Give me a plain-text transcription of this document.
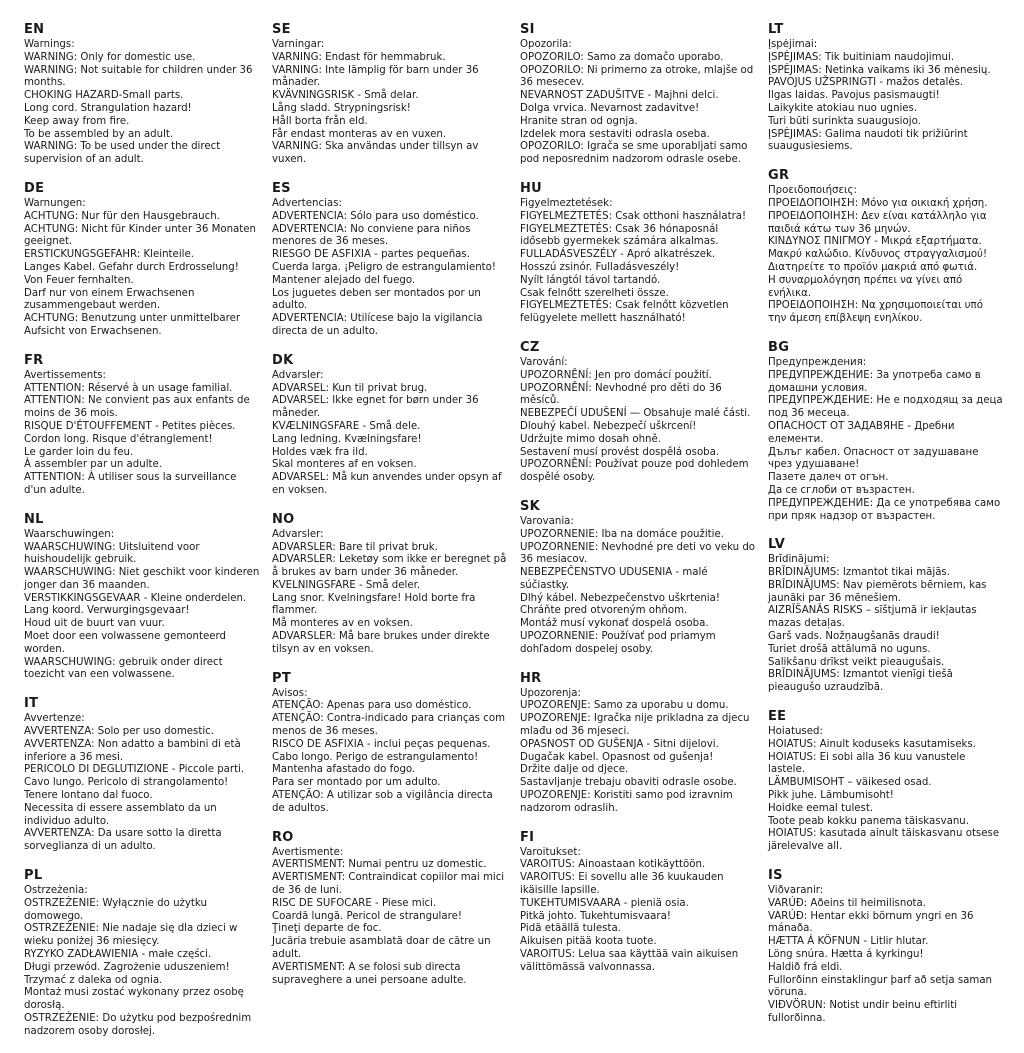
EN

Warnings:

WARNING: Only for domestic use.

WARNING: Not suitable for children under 36 months.

CHOKING HAZARD-Small parts.

Long cord. Strangulation hazard!

Keep away from fire.

To be assembled by an adult.

WARNING: To be used under the direct supervision of an adult.

DE

Warnungen:

ACHTUNG: Nur für den Hausgebrauch.

ACHTUNG: Nicht für Kinder unter 36 Monaten geeignet.

ERSTICKUNGSGEFAHR: Kleinteile.

Langes Kabel. Gefahr durch Erdrosselung! Von Feuer fernhalten.

Darf nur von einem Erwachsenen zusammengebaut werden.

ACHTUNG: Benutzung unter unmittelbarer Aufsicht von Erwachsenen.

FR

Avertissements:

ATTENTION: Réservé à un usage familial.

ATTENTION: Ne convient pas aux enfants de moins de 36 mois.

RISQUE D'ÉTOUFFEMENT - Petites pièces.

Cordon long. Risque d'étranglement!

Le garder loin du feu.

À assembler par un adulte.

ATTENTION: À utiliser sous la surveillance d'un adulte.

NL

Waarschuwingen:

WAARSCHUWING: Uitsluitend voor huishoudelijk gebruik.

WAARSCHUWING: Niet geschikt voor kinderen jonger dan 36 maanden.

VERSTIKKINGSGEVAAR - Kleine onderdelen.

Lang koord. Verwurgingsgevaar!

Houd uit de buurt van vuur.

Moet door een volwassene gemonteerd worden.

WAARSCHUWING: gebruik onder direct toezicht van een volwassene.

IT

Avvertenze:

AVVERTENZA: Solo per uso domestic.

AVVERTENZA: Non adatto a bambini di età inferiore a 36 mesi.

PERICOLO DI DEGLUTIZIONE - Piccole parti.

Cavo lungo. Pericolo di strangolamento!

Tenere lontano dal fuoco.

Necessita di essere assemblato da un individuo adulto.

AVVERTENZA: Da usare sotto la diretta sorveglianza di un adulto.

PL

Ostrzeżenia:

OSTRZEŻENIE: Wyłącznie do użytku domowego.

OSTRZEŻENIE: Nie nadaje się dla dzieci w wieku poniżej 36 miesięcy.

RYZYKO ZADŁAWIENIA - małe części.

Długi przewód. Zagrożenie uduszeniem!

Trzymać z daleka od ognia.

Montaż musi zostać wykonany przez osobę dorosłą.

OSTRZEŻENIE: Do użytku pod bezpośrednim nadzorem osoby dorosłej.

SE

Varningar:

VARNING: Endast för hemmabruk.

VARNING: Inte lämplig för barn under 36 månader.

KVÄVNINGSRISK - Små delar.

Lång sladd. Strypningsrisk!

Håll borta från eld.

Får endast monteras av en vuxen.

VARNING: Ska användas under tillsyn av vuxen.

ES

Advertencias:

ADVERTENCIA: Sólo para uso doméstico.

ADVERTENCIA: No conviene para niños menores de 36 meses.

RIESGO DE ASFIXIA - partes pequeñas.

Cuerda larga. ¡Peligro de estrangulamiento!

Mantener alejado del fuego.

Los juguetes deben ser montados por un adulto.

ADVERTENCIA: Utilícese bajo la vigilancia directa de un adulto.

DK

Advarsler:

ADVARSEL: Kun til privat brug.

ADVARSEL: Ikke egnet for børn under 36 måneder.

KVÆLNINGSFARE - Små dele.

Lang ledning. Kvælningsfare!

Holdes væk fra ild.

Skal monteres af en voksen.

ADVARSEL: Må kun anvendes under opsyn af en voksen.

NO

Advarsler:

ADVARSLER: Bare til privat bruk.

ADVARSLER: Leketøy som ikke er beregnet på å brukes av barn under 36 måneder.

KVELNINGSFARE - Små deler.

Lang snor. Kvelningsfare! Hold borte fra flammer.

Må monteres av en voksen.

ADVARSLER: Må bare brukes under direkte tilsyn av en voksen.

PT

Avisos:

ATENÇÃO: Apenas para uso doméstico.

ATENÇÃO: Contra-indicado para crianças com menos de 36 meses.

RISCO DE ASFIXIA - inclui peças pequenas.

Cabo longo. Perigo de estrangulamento!

Mantenha afastado do fogo.

Para ser montado por um adulto.

ATENÇÃO: A utilizar sob a vigilância directa de adultos.

RO

Avertismente:

AVERTISMENT: Numai pentru uz domestic.

AVERTISMENT: Contraindicat copiilor mai mici de 36 de luni.

RISC DE SUFOCARE - Piese mici.

Coardă lungă. Pericol de strangulare!

Ţineţi departe de foc.

Jucăria trebuie asamblată doar de către un adult.

AVERTISMENT: A se folosi sub directa supraveghere a unei persoane adulte.

SI

Opozorila:

OPOZORILO: Samo za domačo uporabo.

OPOZORILO: Ni primerno za otroke, mlajše od 36 mesecev.

NEVARNOST ZADUŠITVE - Majhni delci.

Dolga vrvica. Nevarnost zadavitve!

Hranite stran od ognja.

Izdelek mora sestaviti odrasla oseba.

OPOZORILO: Igrača se sme uporabljati samo pod neposrednim nadzorom odrasle osebe.

HU

Figyelmeztetések:

FIGYELMEZTETÉS: Csak otthoni használatra!

FIGYELMEZTETÉS: Csak 36 hónaposnál idősebb gyermekek számára alkalmas.

FULLADÁSVESZÉLY - Apró alkatrészek.

Hosszú zsinór. Fulladásveszély!

Nyílt lángtól távol tartandó.

Csak felnőtt szerelheti össze.

FIGYELMEZTETÉS: Csak felnőtt közvetlen felügyelete mellett használható!

CZ

Varování:

UPOZORNĚNÍ: Jen pro domácí použití.

UPOZORNĚNÍ: Nevhodné pro děti do 36 měsíců.

NEBEZPEČÍ UDUŠENÍ — Obsahuje malé části.

Dlouhý kabel. Nebezpečí uškrcení!

Udržujte mimo dosah ohně.

Sestavení musí provést dospělá osoba.

UPOZORNĚNÍ: Používat pouze pod dohledem dospělé osoby.

SK

Varovania:

UPOZORNENIE: Iba na domáce použitie.

UPOZORNENIE: Nevhodné pre deti vo veku do 36 mesiacov.

NEBEZPEČENSTVO UDUSENIA - malé súčiastky.

Dlhý kábel. Nebezpečenstvo uškrtenia!

Chráňte pred otvoreným ohňom.

Montáž musí vykonať dospelá osoba.

UPOZORNENIE: Používať pod priamym dohľadom dospelej osoby.

HR

Upozorenja:

UPOZORENJE: Samo za uporabu u domu.

UPOZORENJE: Igračka nije prikladna za djecu mlađu od 36 mjeseci.

OPASNOST OD GUŠENJA - Sitni dijelovi.

Dugačak kabel. Opasnost od gušenja!

Držite dalje od djece.

Sastavljanje trebaju obaviti odrasle osobe.

UPOZORENJE: Koristiti samo pod izravnim nadzorom odraslih.

FI

Varoitukset:

VAROITUS: Ainoastaan kotikäyttöön.

VAROITUS: Ei sovellu alle 36 kuukauden ikäisille lapsille.

TUKEHTUMISVAARA - pieniä osia.

Pitkä johto. Tukehtumisvaara!

Pidä etäällä tulesta.

Aikuisen pitää koota tuote.

VAROITUS: Lelua saa käyttää vain aikuisen välittömässä valvonnassa.

LT

Įspėjimai:

ĮSPĖJIMAS: Tik buitiniam naudojimui.

ĮSPĖJIMAS: Netinka vaikams iki 36 mėnesių.

PAVOJUS UŽSPRINGTI - mažos detalės.

Ilgas laidas. Pavojus pasismaugti!

Laikykite atokiau nuo ugnies.

Turi būti surinkta suaugusiojo.

ĮSPĖJIMAS: Galima naudoti tik prižiūrint suaugusiesiems.

GR

Προειδοποιήσεις:

ΠΡΟΕΙΔΟΠΟΙΗΣΗ: Μόνο για οικιακή χρήση.

ΠΡΟΕΙΔΟΠΟΙΗΣΗ: Δεν είναι κατάλληλο για παιδιά κάτω των 36 μηνών.

ΚΙΝΔΥΝΟΣ ΠΝΙΓΜΟΥ - Μικρά εξαρτήματα.

Μακρύ καλώδιο. Κίνδυνος στραγγαλισμού!

Διατηρείτε το προϊόν μακριά από φωτιά.

Η συναρμολόγηση πρέπει να γίνει από ενήλικα.

ΠΡΟΕΙΔΟΠΟΙΗΣΗ: Να χρησιμοποιείται υπό την άμεση επίβλεψη ενηλίκου.

BG

Предупреждения:

ПРЕДУПРЕЖДЕНИЕ: За употреба само в домашни условия.

ПРЕДУПРЕЖДЕНИЕ: Не е подходящ за деца под 36 месеца.

ОПАСНОСТ ОТ ЗАДАВЯНЕ - Дребни елементи.

Дълъг кабел. Опасност от задушаване чрез удушаване!

Пазете далеч от огън.

Да се сглоби от възрастен.

ПРЕДУПРЕЖДЕНИЕ: Да се употребява само при пряк надзор от възрастен.

LV

Brīdinājumi:

BRĪDINĀJUMS: Izmantot tikai mājās.

BRĪDINĀJUMS: Nav piemērots bērniem, kas jaunāki par 36 mēnešiem.

AIZRĪŠANĀS RISKS – sīštjumā ir iekļautas mazas detaļas.

Garš vads. Nožņaugšanās draudi!

Turiet drošā attālumā no uguns.

Salikšanu drīkst veikt pieaugušais.

BRĪDINĀJUMS: Izmantot vienīgi tiešā pieaugušo uzraudzībā.

EE

Hoiatused:

HOIATUS: Ainult koduseks kasutamiseks.

HOIATUS: Ei sobi alla 36 kuu vanustele lastele.

LÄMBUMISOHT – väikesed osad.

Pikk juhe. Lämbumisoht!

Hoidke eemal tulest.

Toote peab kokku panema täiskasvanu.

HOIATUS: kasutada ainult täiskasvanu otsese järelevalve all.

IS

Viðvaranir:

VARÚÐ: Aðeins til heimilisnota.

VARÚÐ: Hentar ekki börnum yngri en 36 mánaða.

HÆTTA Á KÖFNUN - Litlir hlutar.

Löng snúra. Hætta á kyrkingu!

Haldið frá eldi.

Fullorðinn einstaklingur þarf að setja saman vöruna.

VIÐVÖRUN: Notist undir beinu eftirliti fullorðinna.
